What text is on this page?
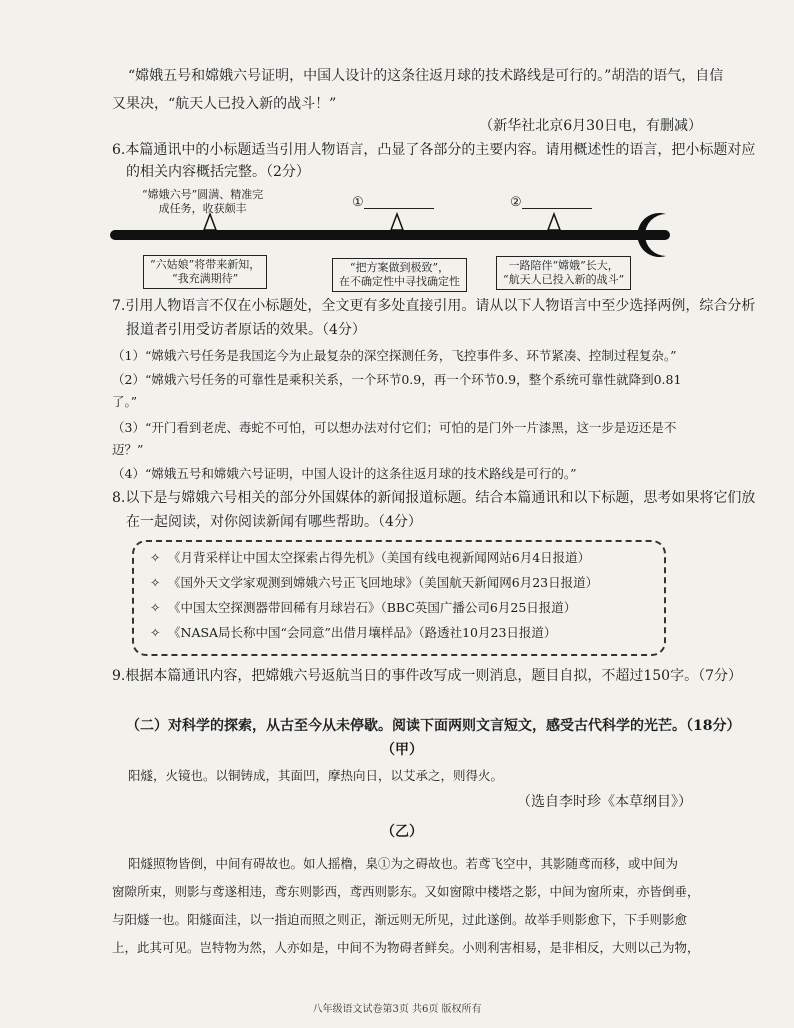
“嫦娥五号和嫦娥六号证明，中国人设计的这条往返月球的技术路线是可行的。”胡浩的语气，自信
又果决，“航天人已投入新的战斗！”
（新华社北京6月30日电，有删减）
6.本篇通讯中的小标题适当引用人物语言，凸显了各部分的主要内容。请用概述性的语言，把小标题对应
的相关内容概括完整。（2分）
“嫦娥六号”圆满、精准完
成任务，收获颇丰	①	②
“六姑娘”将带来新知，
“我充满期待”
“把方案做到极致”，
在不确定性中寻找确定性
一路陪伴“嫦娥”长大，
“航天人已投入新的战斗”
7.引用人物语言不仅在小标题处，全文更有多处直接引用。请从以下人物语言中至少选择两例，综合分析
报道者引用受访者原话的效果。（4分）
（1）“嫦娥六号任务是我国迄今为止最复杂的深空探测任务，飞控事件多、环节紧凑、控制过程复杂。”
（2）“嫦娥六号任务的可靠性是乘积关系，一个环节0.9，再一个环节0.9，整个系统可靠性就降到0.81
了。”
（3）“开门看到老虎、毒蛇不可怕，可以想办法对付它们；可怕的是门外一片漆黑，这一步是迈还是不
迈？”
（4）“嫦娥五号和嫦娥六号证明，中国人设计的这条往返月球的技术路线是可行的。”
8.以下是与嫦娥六号相关的部分外国媒体的新闻报道标题。结合本篇通讯和以下标题，思考如果将它们放
在一起阅读，对你阅读新闻有哪些帮助。（4分）
✧ 《月背采样让中国太空探索占得先机》（美国有线电视新闻网站6月4日报道）
✧ 《国外天文学家观测到嫦娥六号正飞回地球》（美国航天新闻网6月23日报道）
✧ 《中国太空探测器带回稀有月球岩石》（BBC英国广播公司6月25日报道）
✧ 《NASA局长称中国“会同意”出借月壤样品》（路透社10月23日报道）
9.根据本篇通讯内容，把嫦娥六号返航当日的事件改写成一则消息，题目自拟，不超过150字。（7分）
（二）对科学的探索，从古至今从未停歇。阅读下面两则文言短文，感受古代科学的光芒。（18分）
（甲）
阳燧，火镜也。以铜铸成，其面凹，摩热向日，以艾承之，则得火。
（选自李时珍《本草纲目》）
（乙）
阳燧照物皆倒，中间有碍故也。如人摇橹，臬①为之碍故也。若鸢飞空中，其影随鸢而移，或中间为
窗隙所束，则影与鸢遂相违，鸢东则影西，鸢西则影东。又如窗隙中楼塔之影，中间为窗所束，亦皆倒垂，
与阳燧一也。阳燧面洼，以一指迫而照之则正，渐远则无所见，过此遂倒。故举手则影愈下，下手则影愈
上，此其可见。岂特物为然，人亦如是，中间不为物碍者鲜矣。小则利害相易，是非相反，大则以己为物，
八年级语文试卷第3页 共6页 版权所有
